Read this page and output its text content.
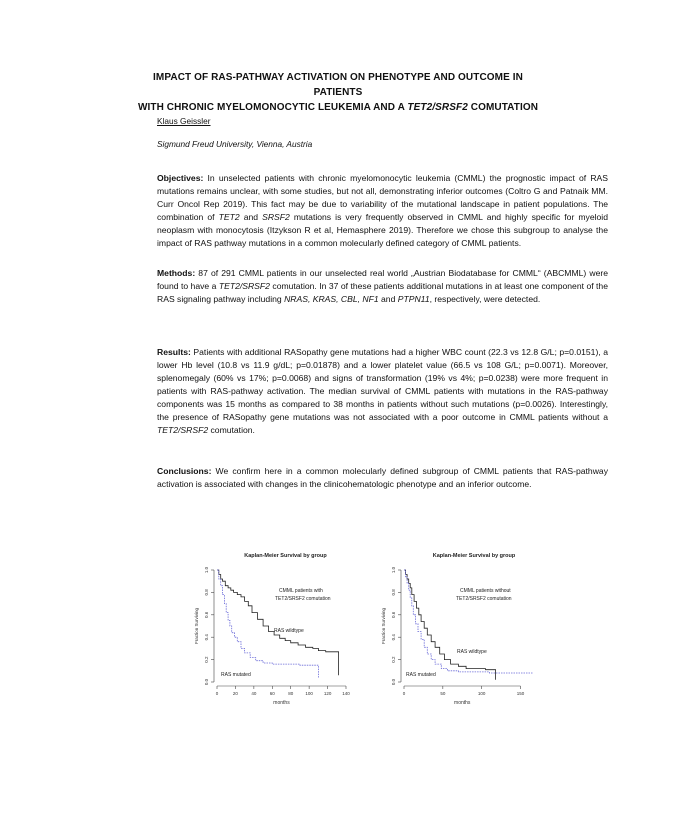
IMPACT OF RAS-PATHWAY ACTIVATION ON PHENOTYPE AND OUTCOME IN PATIENTS
WITH CHRONIC MYELOMONOCYTIC LEUKEMIA AND A TET2/SRSF2 COMUTATION
Klaus Geissler
Sigmund Freud University, Vienna, Austria

Objectives: In unselected patients with chronic myelomonocytic leukemia (CMML) the prognostic impact of RAS mutations remains unclear, with some studies, but not all, demonstrating inferior outcomes (Coltro G and Patnaik MM. Curr Oncol Rep 2019). This fact may be due to variability of the mutational landscape in patient populations. The combination of TET2 and SRSF2 mutations is very frequently observed in CMML and highly specific for myeloid neoplasm with monocytosis (Itzykson R et al, Hemasphere 2019). Therefore we chose this subgroup to analyse the impact of RAS pathway mutations in a common molecularly defined category of CMML patients.

Methods: 87 of 291 CMML patients in our unselected real world „Austrian Biodatabase for CMML“ (ABCMML) were found to have a TET2/SRSF2 comutation. In 37 of these patients additional mutations in at least one component of the RAS signaling pathway including NRAS, KRAS, CBL, NF1 and PTPN11, respectively, were detected.

Results: Patients with additional RASopathy gene mutations had a higher WBC count (22.3 vs 12.8 G/L; p=0.0151), a lower Hb level (10.8 vs 11.9 g/dL; p=0.01878) and a lower platelet value (66.5 vs 108 G/L; p=0.0071). Moreover, splenomegaly (60% vs 17%; p=0.0068) and signs of transformation (19% vs 4%; p=0.0238) were more frequent in patients with RAS-pathway activation. The median survival of CMML patients with mutations in the RAS-pathway components was 15 months as compared to 38 months in patients without such mutations (p=0.0026). Interestingly, the presence of RASopathy gene mutations was not associated with a poor outcome in CMML patients without a TET2/SRSF2 comutation.

Conclusions: We confirm here in a common molecularly defined subgroup of CMML patients that RAS-pathway activation is associated with changes in the clinicohematologic phenotype and an inferior outcome.

Kaplan-Meier Survival by group
0	20	40	60	80	100 120 140
0.0
0.2
0.4
0.6
0.8
1.0
months
Fraction Surviving	RAS wildtype
RAS mutated
CMML patients with
TET2/SRSF2 comutation
Kaplan-Meier Survival by group
0	50	100	150
0.0
0.2
0.4
0.6
0.8
1.0
months
Fraction Surviving
RAS wildtype
RAS mutated
CMML patients without
TET2/SRSF2 comutation
